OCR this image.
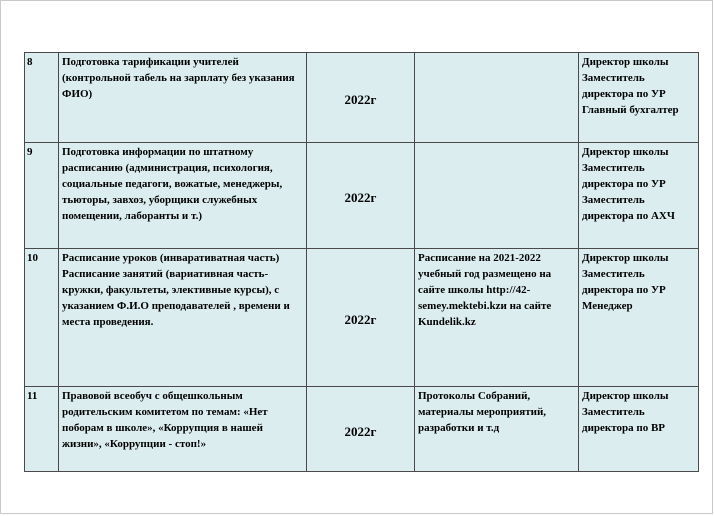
8	Подготовка тарификации учителей (контрольной табель на зарплату без указания ФИО)	2022г		Директор школы Заместитель директора по УР Главный бухгалтер
9	Подготовка информации по штатному расписанию (администрация, психология, социальные педагоги, вожатые, менеджеры, тьюторы, завхоз, уборщики служебных помещении, лаборанты и т.)	2022г		Директор школы Заместитель директора по УР Заместитель директора по АХЧ
10	Расписание уроков (инваративатная часть) Расписание занятий (вариативная часть-кружки, факультеты, элективные курсы), с указанием Ф.И.О преподавателей , времени и места проведения.	2022г	Расписание на 2021-2022 учебный год размещено на сайте школы http://42-semey.mektebi.kzи на сайте Kundelik.kz	Директор школы Заместитель директора по УР Менеджер
11	Правовой всеобуч с общешкольным родительским комитетом по темам: «Нет поборам в школе», «Коррупция в нашей жизни», «Коррупции - стоп!»	2022г	Протоколы Собраний, материалы мероприятий, разработки и т.д	Директор школы Заместитель директора по ВР
